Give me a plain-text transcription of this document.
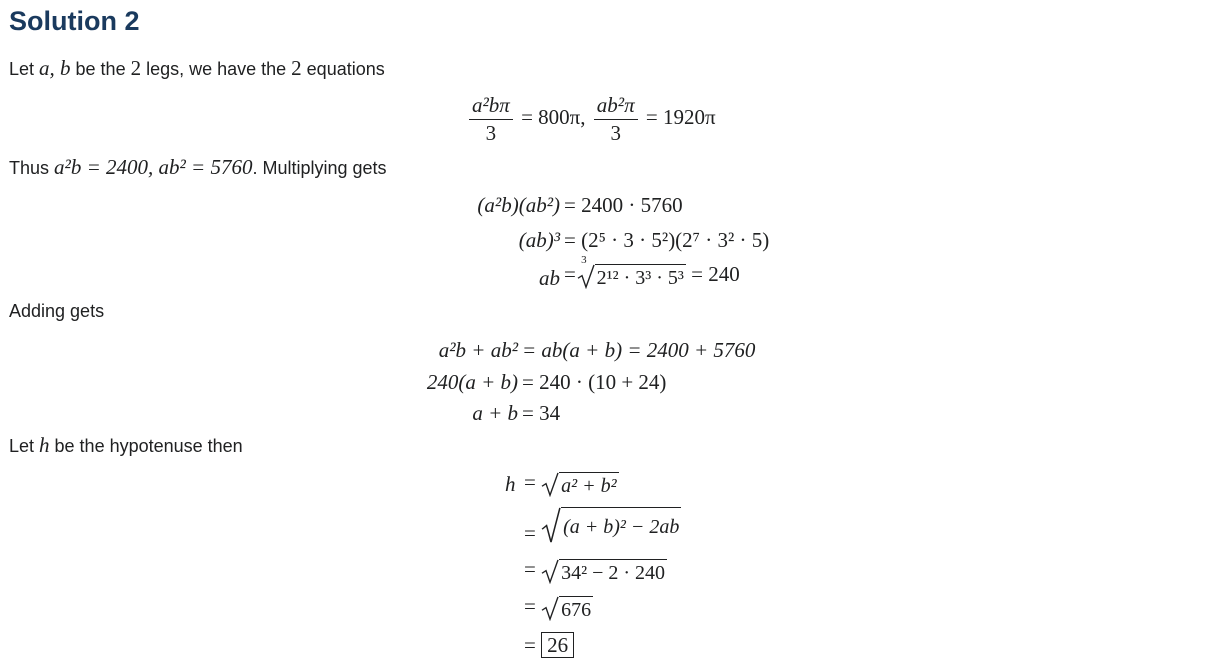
Solution 2
Let a, b be the 2 legs, we have the 2 equations
$\frac{\text{a²bπ}}{3} = 800\pi$, $\frac{\text{ab²π}}{3} = 1920\pi$
Thus a²b = 2400, ab² = 5760. Multiplying gets
(a²b)(ab²) = 2400 · 5760
(ab)³ = (2⁵ · 3 · 5²)(2⁷ · 3² · 5)
ab =
3
2¹² · 3³ · 5³ = 240
Adding gets
a²b + ab² = ab(a + b) = 2400 + 5760
240(a + b) = 240 · (10 + 24)
a + b = 34
Let h be the hypotenuse then
h = a² + b²
= (a + b)² − 2ab
= 34² − 2 · 240
= 676
= 26
